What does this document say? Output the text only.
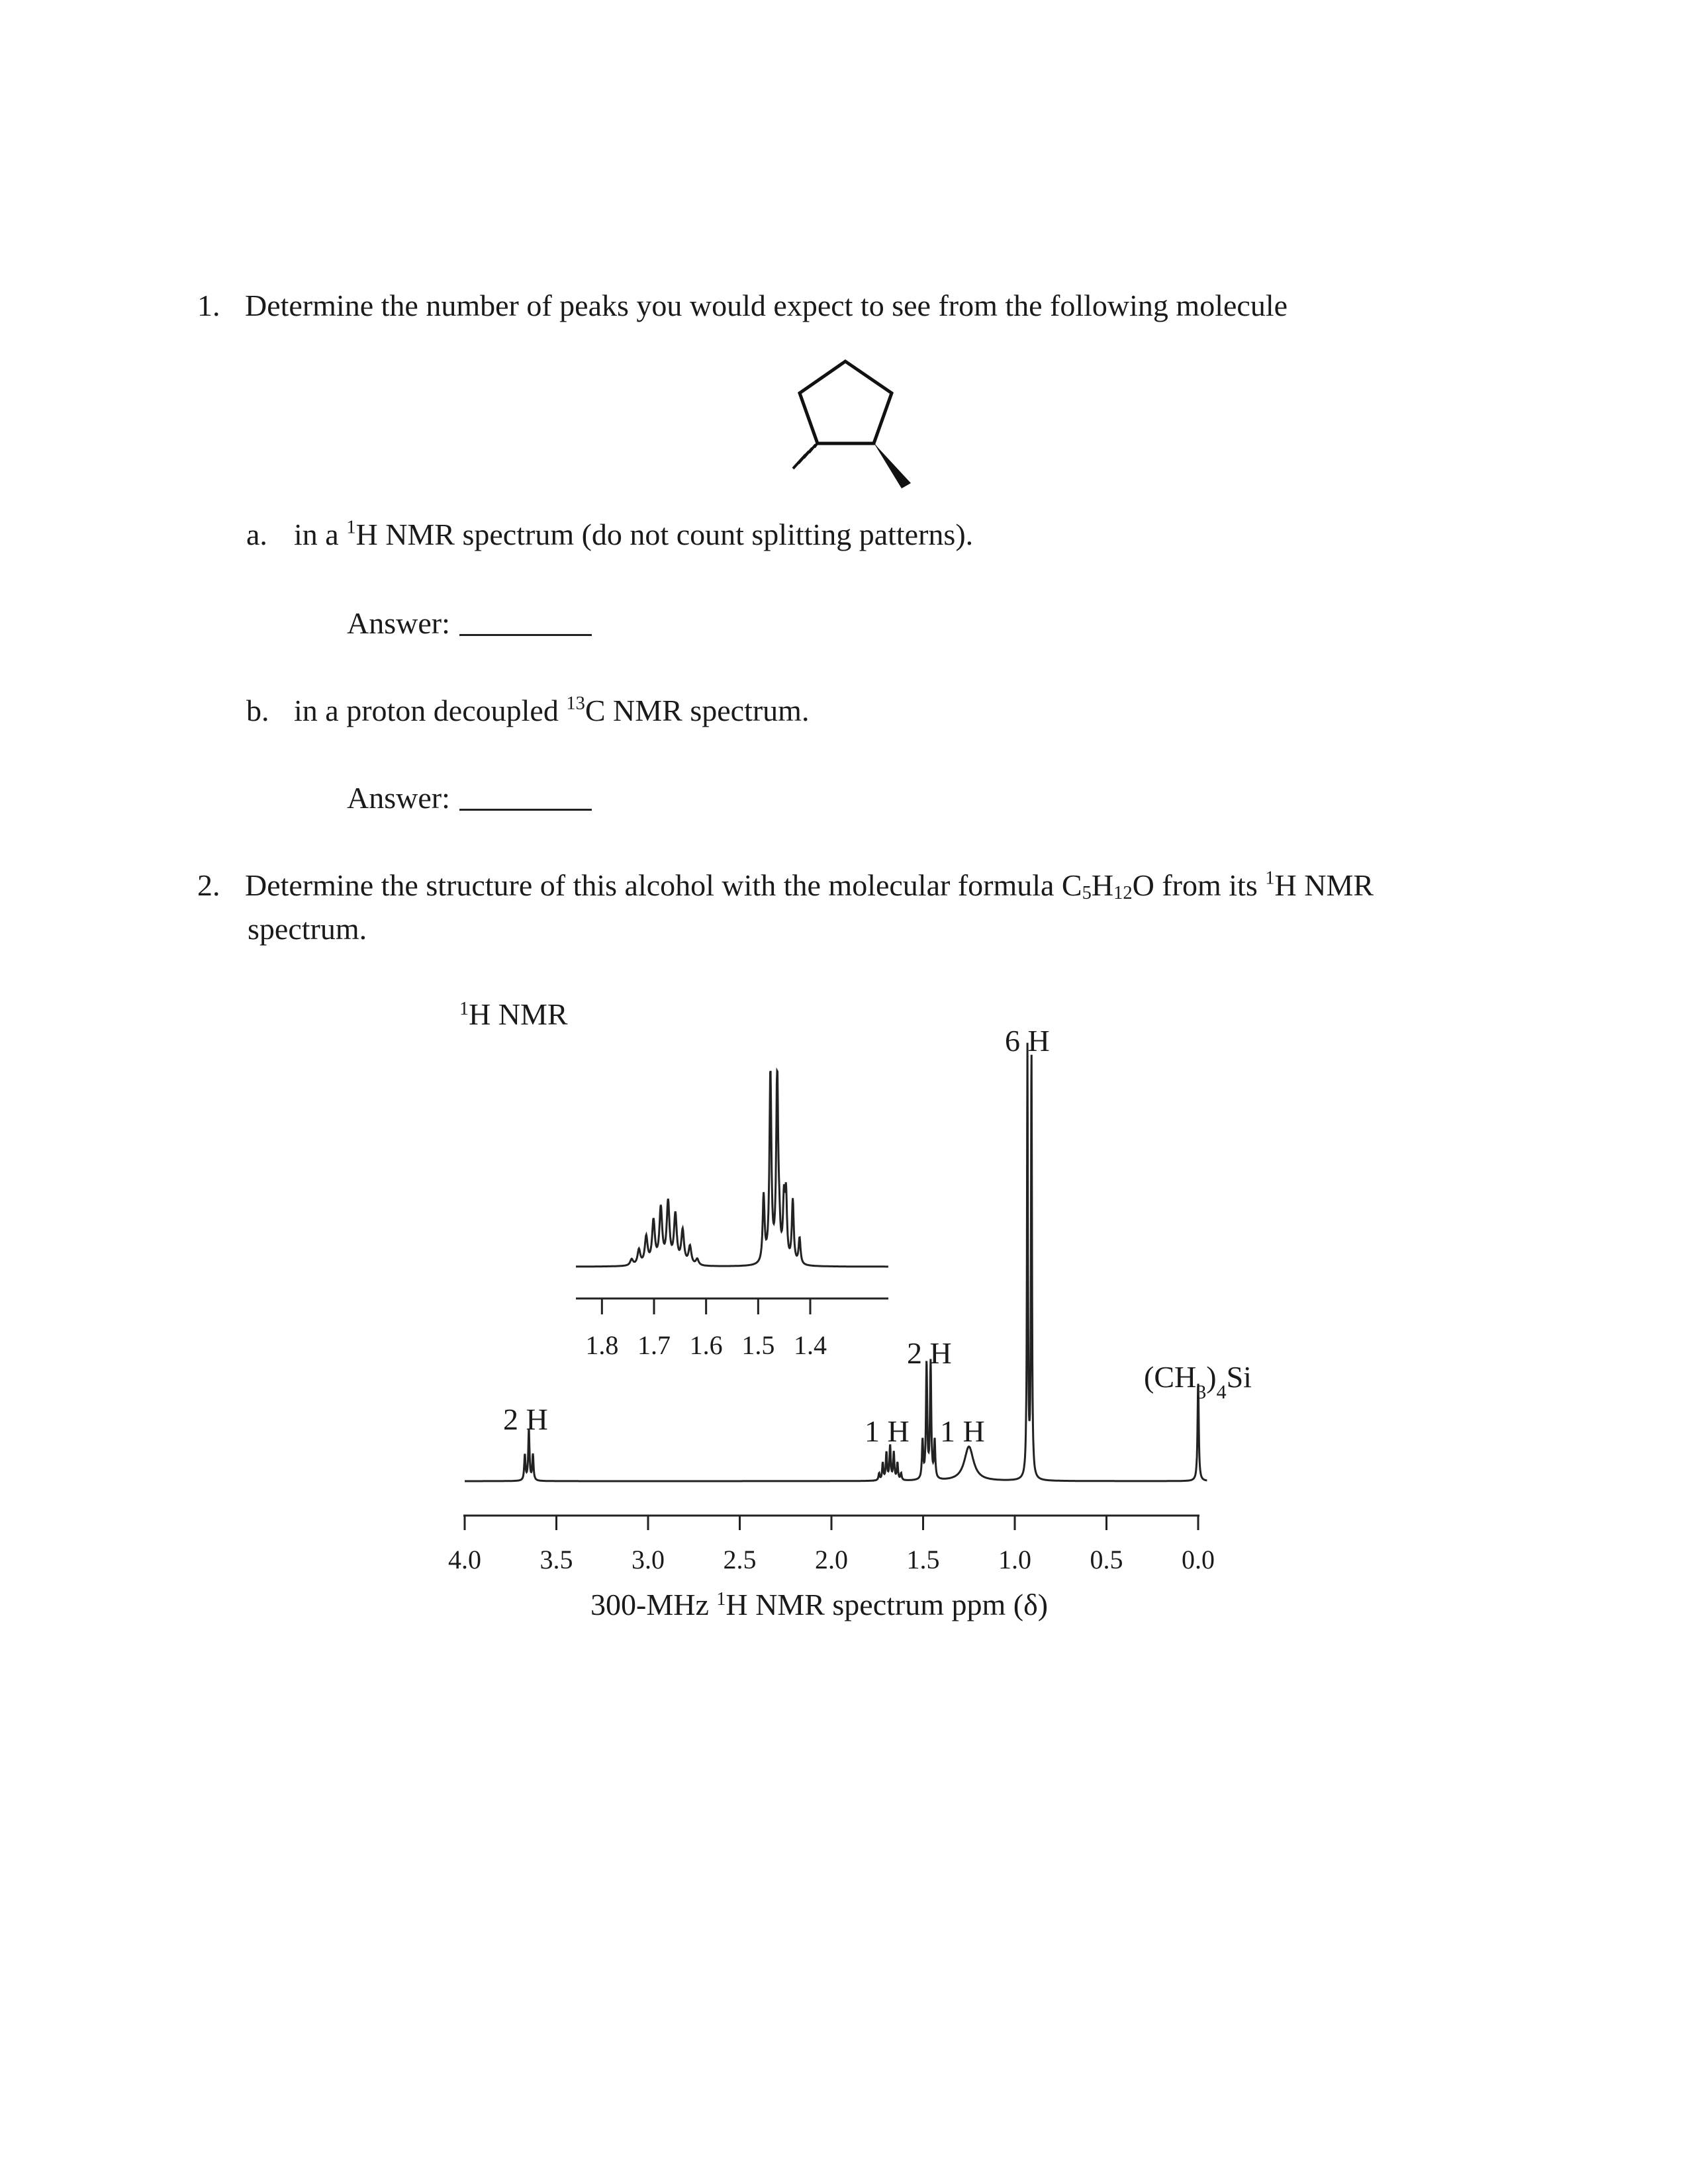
1. Determine the number of peaks you would expect to see from the following molecule
a. in a $^1$H NMR spectrum (do not count splitting patterns).
Answer:
b. in a proton decoupled $^{13}$C NMR spectrum.
Answer:
2. Determine the structure of this alcohol with the molecular formula $C_5H_{12}O$ from its $^1$H NMR
spectrum.
$^1$H NMR
1.8 1.7 1.6 1.5 1.4
4.0 3.5 3.0 2.5 2.0 1.5 1.0 0.5 0.0
6 H
2 H
2 H	1 H 1 H
$(CH_3)_4Si$
300-MHz $^1$H NMR spectrum ppm (δ)
